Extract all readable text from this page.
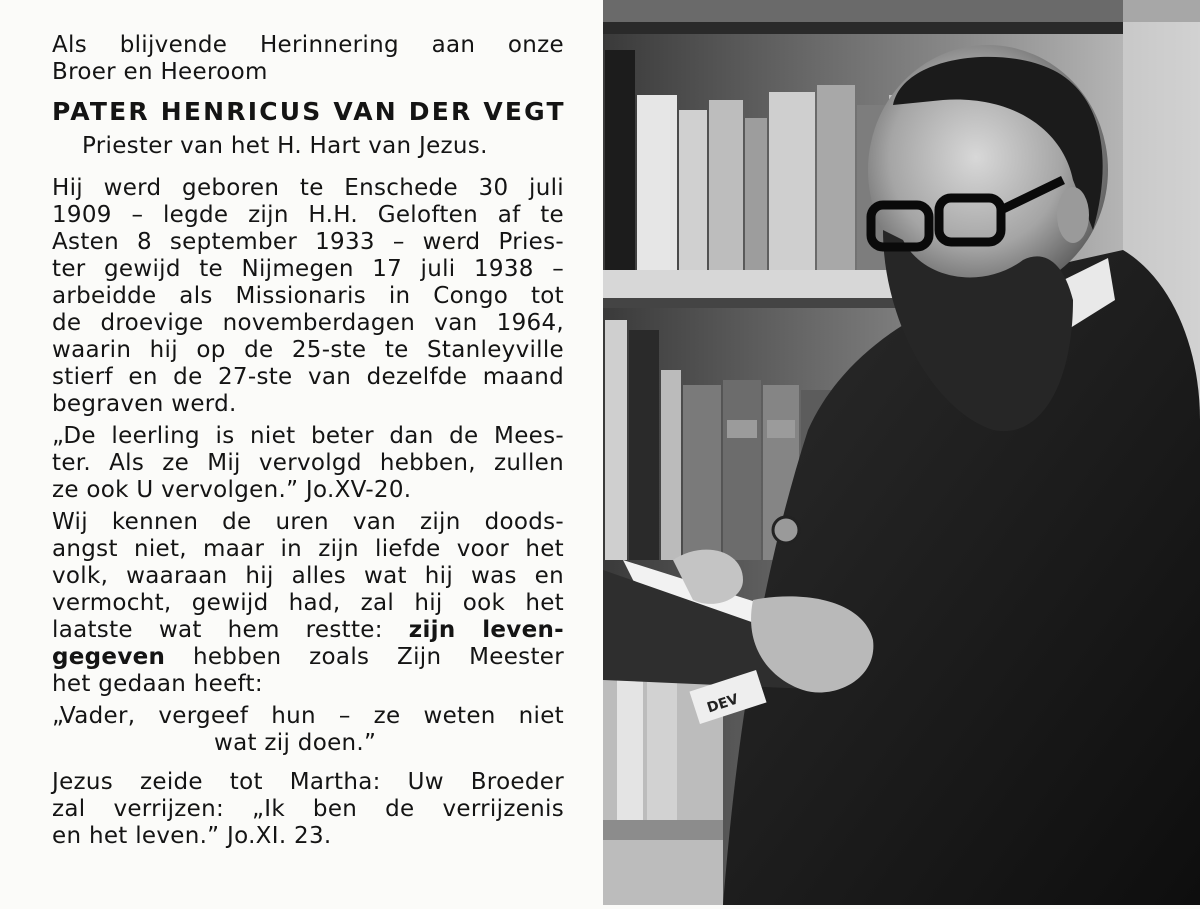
Als blijvende Herinnering aan onze
Broer en Heeroom
PATER HENRICUS VAN DER VEGT
Priester van het H. Hart van Jezus.
Hij werd geboren te Enschede 30 juli
1909 – legde zijn H.H. Geloften af te
Asten 8 september 1933 – werd Pries-
ter gewijd te Nijmegen 17 juli 1938 –
arbeidde als Missionaris in Congo tot
de droevige novemberdagen van 1964,
waarin hij op de 25-ste te Stanleyville
stierf en de 27-ste van dezelfde maand
begraven werd.
„De leerling is niet beter dan de Mees-
ter. Als ze Mij vervolgd hebben, zullen
ze ook U vervolgen.” Jo.XV-20.
Wij kennen de uren van zijn doods-
angst niet, maar in zijn liefde voor het
volk, waaraan hij alles wat hij was en
vermocht, gewijd had, zal hij ook het
laatste wat hem restte: zijn leven-
gegeven hebben zoals Zijn Meester
het gedaan heeft:
„Vader, vergeef hun – ze weten niet
wat zij doen.”
Jezus zeide tot Martha: Uw Broeder
zal verrijzen: „Ik ben de verrijzenis
en het leven.” Jo.XI. 23.
DEV
